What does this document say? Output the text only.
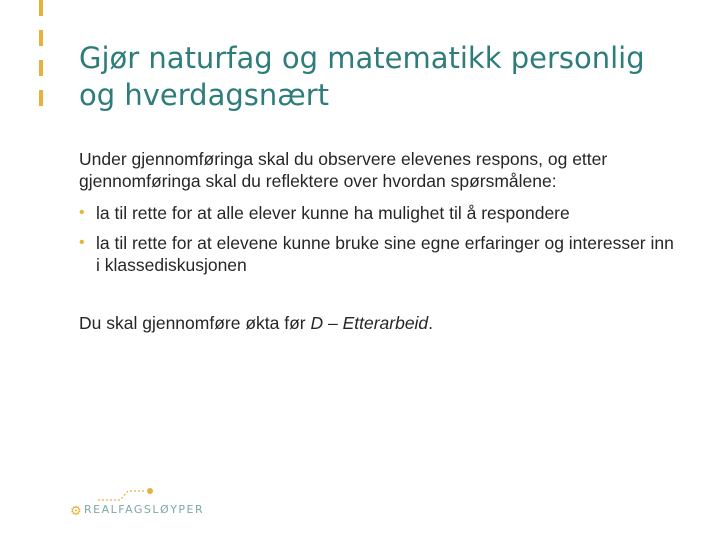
Gjør naturfag og matematikk personlig
og hverdagsnært

Under gjennomføringa skal du observere elevenes respons, og etter gjennomføringa skal du reflektere over hvordan spørsmålene:

• la til rette for at alle elever kunne ha mulighet til å respondere
• la til rette for at elevene kunne bruke sine egne erfaringer og interesser inn i klassediskusjonen

Du skal gjennomføre økta før D – Etterarbeid.

⚙ REALFAGSLØYPER
